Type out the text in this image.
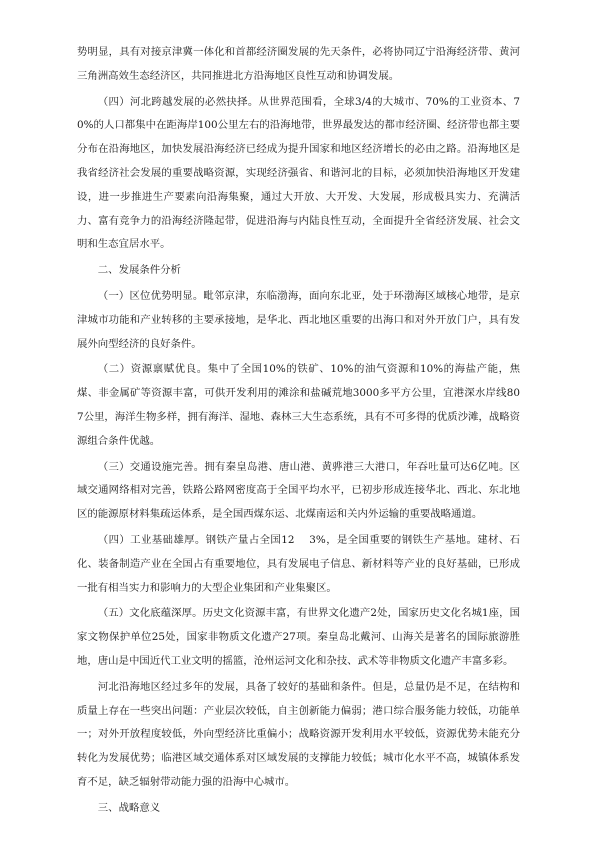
势明显，具有对接京津冀一体化和首都经济圈发展的先天条件，必将协同辽宁沿海经济带、黄河三角洲高效生态经济区，共同推进北方沿海地区良性互动和协调发展。

（四）河北跨越发展的必然抉择。从世界范围看，全球3/4的大城市、70%的工业资本、70%的人口都集中在距海岸100公里左右的沿海地带，世界最发达的都市经济圈、经济带也都主要分布在沿海地区，加快发展沿海经济已经成为提升国家和地区经济增长的必由之路。沿海地区是我省经济社会发展的重要战略资源，实现经济强省、和谐河北的目标，必须加快沿海地区开发建设，进一步推进生产要素向沿海集聚，通过大开放、大开发、大发展，形成极具实力、充满活力、富有竞争力的沿海经济隆起带，促进沿海与内陆良性互动，全面提升全省经济发展、社会文明和生态宜居水平。

二、发展条件分析

（一）区位优势明显。毗邻京津，东临渤海，面向东北亚，处于环渤海区域核心地带，是京津城市功能和产业转移的主要承接地，是华北、西北地区重要的出海口和对外开放门户，具有发展外向型经济的良好条件。

（二）资源禀赋优良。集中了全国10%的铁矿、10%的油气资源和10%的海盐产能，焦煤、非金属矿等资源丰富，可供开发利用的滩涂和盐碱荒地3000多平方公里，宜港深水岸线80　 7公里，海洋生物多样，拥有海洋、湿地、森林三大生态系统，具有不可多得的优质沙滩，战略资源组合条件优越。

（三）交通设施完善。拥有秦皇岛港、唐山港、黄骅港三大港口，年吞吐量可达6亿吨。区域交通网络相对完善，铁路公路网密度高于全国平均水平，已初步形成连接华北、西北、东北地区的能源原材料集疏运体系，是全国西煤东运、北煤南运和关内外运输的重要战略通道。

（四）工业基础雄厚。钢铁产量占全国12　 3%，是全国重要的钢铁生产基地。建材、石化、装备制造产业在全国占有重要地位，具有发展电子信息、新材料等产业的良好基础，已形成一批有相当实力和影响力的大型企业集团和产业集聚区。

（五）文化底蕴深厚。历史文化资源丰富，有世界文化遗产2处，国家历史文化名城1座，国家文物保护单位25处，国家非物质文化遗产27项。秦皇岛北戴河、山海关是著名的国际旅游胜地，唐山是中国近代工业文明的摇篮，沧州运河文化和杂技、武术等非物质文化遗产丰富多彩。

河北沿海地区经过多年的发展，具备了较好的基础和条件。但是，总量仍是不足，在结构和质量上存在一些突出问题：产业层次较低，自主创新能力偏弱；港口综合服务能力较低，功能单一；对外开放程度较低，外向型经济比重偏小；战略资源开发利用水平较低，资源优势未能充分转化为发展优势；临港区域交通体系对区域发展的支撑能力较低；城市化水平不高，城镇体系发育不足，缺乏辐射带动能力强的沿海中心城市。

三、战略意义
